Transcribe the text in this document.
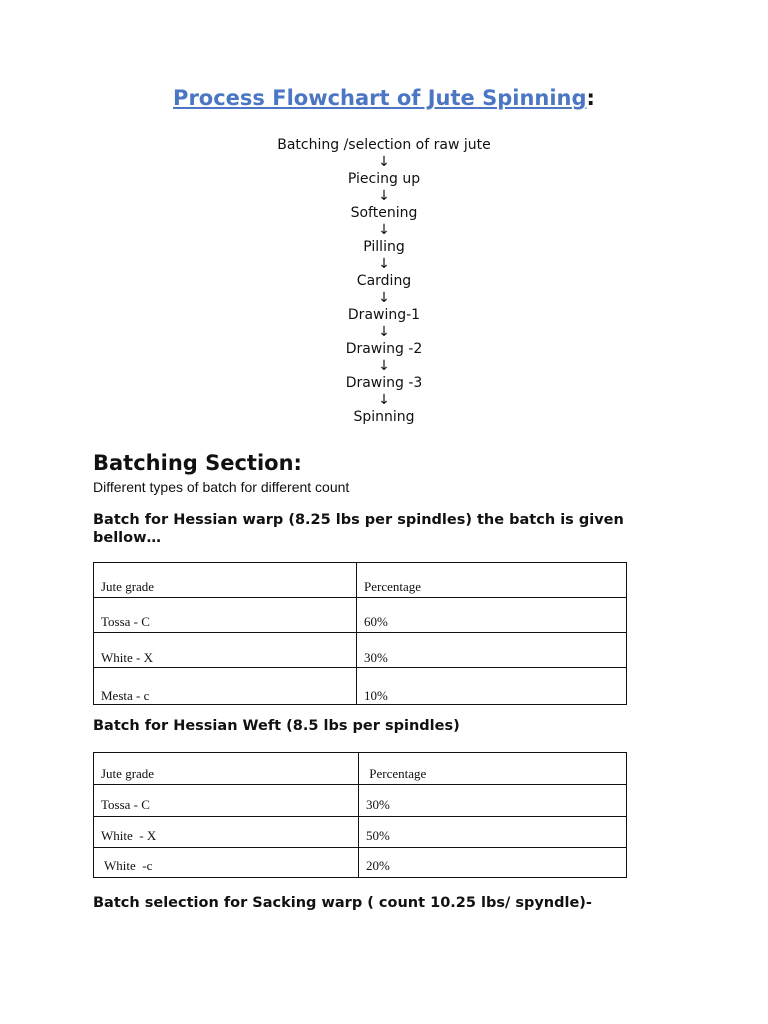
Process Flowchart of Jute Spinning:
Batching /selection of raw jute
↓
Piecing up
↓
Softening
↓
Pilling
↓
Carding
↓
Drawing-1
↓
Drawing -2
↓
Drawing -3
↓
Spinning
Batching Section:
Different types of batch for different count
Batch for Hessian warp (8.25 lbs per spindles) the batch is given bellow…
Jute grade	Percentage
Tossa - C	60%
White - X	30%
Mesta - c	10%
Batch for Hessian Weft (8.5 lbs per spindles)
Jute grade	Percentage
Tossa - C	30%
White  - X	50%
White  -c	20%
Batch selection for Sacking warp ( count 10.25 lbs/ spyndle)-
